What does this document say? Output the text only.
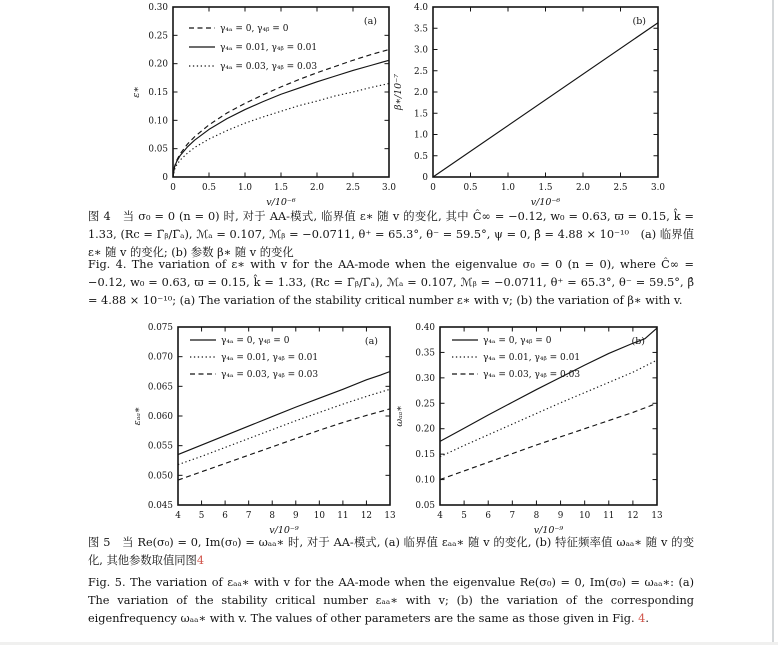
0	0.5	1.0	1.5	2.0	2.5	3.0
0
0.05
0.10
0.15
0.20
0.25
0.30
γ₄ₐ = 0, γ₄ᵦ = 0
γ₄ₐ = 0.01, γ₄ᵦ = 0.01
γ₄ₐ = 0.03, γ₄ᵦ = 0.03
(a)
v/10⁻⁶
ε∗
0	0.5	1.0	1.5	2.0	2.5	3.0
0
0.5
1.0
1.5
2.0
2.5
3.0
3.5
4.0
(b)
v/10⁻⁶
β∗/10⁻⁷

图 4　当 σ₀ = 0 (n = 0) 时, 对于 AA-模式, 临界值 ε∗ 随 v 的变化, 其中 Ĉ∞ = −0.12, w₀ = 0.63, ϖ = 0.15, k̂ = 1.33, (Rc = Γ̄ᵦ/Γ̄ₐ), ℳₐ = 0.107, ℳᵦ = −0.0711, θ⁺ = 65.3°, θ⁻ = 59.5°, ψ = 0, β̂ = 4.88 × 10⁻¹⁰　(a) 临界值 ε∗ 随 v 的变化; (b) 参数 β∗ 随 v 的变化

Fig. 4. The variation of ε∗ with v for the AA-mode when the eigenvalue σ₀ = 0 (n = 0), where Ĉ∞ = −0.12, w₀ = 0.63, ϖ = 0.15, k̂ = 1.33, (Rc = Γ̄ᵦ/Γ̄ₐ), ℳₐ = 0.107, ℳᵦ = −0.0711, θ⁺ = 65.3°, θ⁻ = 59.5°, β̂ = 4.88 × 10⁻¹⁰; (a) The variation of the stability critical number ε∗ with v; (b) the variation of β∗ with v.

4 5 6 7 8 9 10 11 12 13
0.045
0.050
0.055
0.060
0.065
0.070
0.075
γ₄ₐ = 0, γ₄ᵦ = 0
γ₄ₐ = 0.01, γ₄ᵦ = 0.01
γ₄ₐ = 0.03, γ₄ᵦ = 0.03
(a)
v/10⁻⁹
εₐₐ∗
4 5 6 7 8 9 10 11 12 13
0.05
0.10
0.15
0.20
0.25
0.30
0.35
0.40
γ₄ₐ = 0, γ₄ᵦ = 0
γ₄ₐ = 0.01, γ₄ᵦ = 0.01
γ₄ₐ = 0.03, γ₄ᵦ = 0.03
(b)
v/10⁻⁹
ωₐₐ∗

图 5　当 Re(σ₀) = 0, Im(σ₀) = ωₐₐ∗ 时, 对于 AA-模式, (a) 临界值 εₐₐ∗ 随 v 的变化, (b) 特征频率值 ωₐₐ∗ 随 v 的变化, 其他参数取值同图4

Fig. 5. The variation of εₐₐ∗ with v for the AA-mode when the eigenvalue Re(σ₀) = 0, Im(σ₀) = ωₐₐ∗: (a) The variation of the stability critical number εₐₐ∗ with v; (b) the variation of the corresponding eigenfrequency ωₐₐ∗ with v. The values of other parameters are the same as those given in Fig. 4.
